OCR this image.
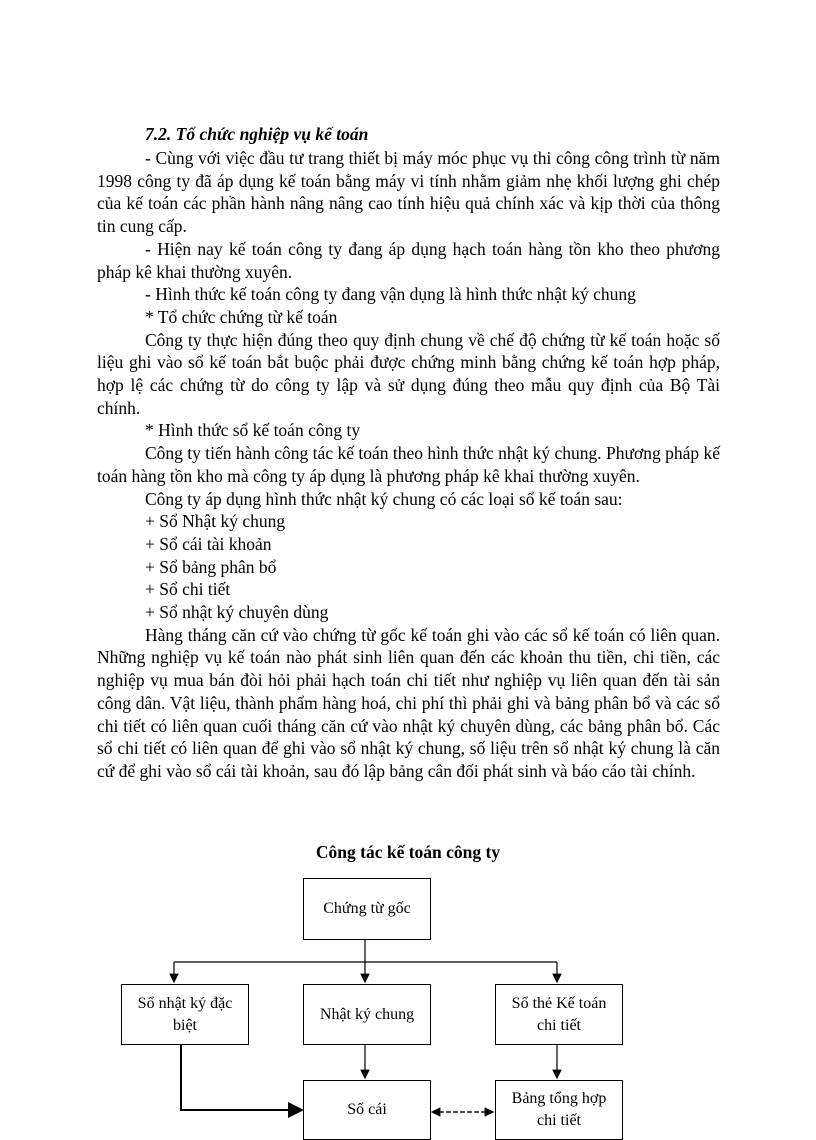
7.2. Tổ chức nghiệp vụ kế toán

- Cùng với việc đầu tư trang thiết bị máy móc phục vụ thi công công trình từ năm 1998 công ty đã áp dụng kế toán bằng máy vi tính nhằm giảm nhẹ khối lượng ghi chép của kế toán các phần hành nâng nâng cao tính hiệu quả chính xác và kịp thời của thông tin cung cấp.

- Hiện nay kế toán công ty đang áp dụng hạch toán hàng tồn kho theo phương pháp kê khai thường xuyên.

- Hình thức kế toán công ty đang vận dụng là hình thức nhật ký chung

* Tổ chức chứng từ kế toán

Công ty thực hiện đúng theo quy định chung về chế độ chứng từ kế toán hoặc số liệu ghi vào sổ kế toán bắt buộc phải được chứng minh bằng chứng kế toán hợp pháp, hợp lệ các chứng từ do công ty lập và sử dụng đúng theo mẫu quy định của Bộ Tài chính.

* Hình thức sổ kế toán công ty

Công ty tiến hành công tác kế toán theo hình thức nhật ký chung. Phương pháp kế toán hàng tồn kho mà công ty áp dụng là phương pháp kê khai thường xuyên.

Công ty áp dụng hình thức nhật ký chung có các loại sổ kế toán sau:

+ Sổ Nhật ký chung

+ Sổ cái tài khoản

+ Sổ bảng phân bổ

+ Sổ chi tiết

+ Sổ nhật ký chuyên dùng

Hàng tháng căn cứ vào chứng từ gốc kế toán ghi vào các sổ kế toán có liên quan. Những nghiệp vụ kế toán nào phát sinh liên quan đến các khoản thu tiền, chi tiền, các nghiệp vụ mua bán đòi hỏi phải hạch toán chi tiết như nghiệp vụ liên quan đến tài sản công dân. Vật liệu, thành phẩm hàng hoá, chi phí thì phải ghi và bảng phân bổ và các sổ chi tiết có liên quan cuối tháng căn cứ vào nhật ký chuyên dùng, các bảng phân bổ. Các sổ chi tiết có liên quan để ghi vào sổ nhật ký chung, số liệu trên sổ nhật ký chung là căn cứ để ghi vào sổ cái tài khoản, sau đó lập bảng cân đối phát sinh và báo cáo tài chính.

Công tác kế toán công ty
Chứng từ gốc
Sổ nhật ký đặc biệt
Nhật ký chung
Sổ thẻ Kế toán chi tiết
Sổ cái
Bảng tổng hợp chi tiết
